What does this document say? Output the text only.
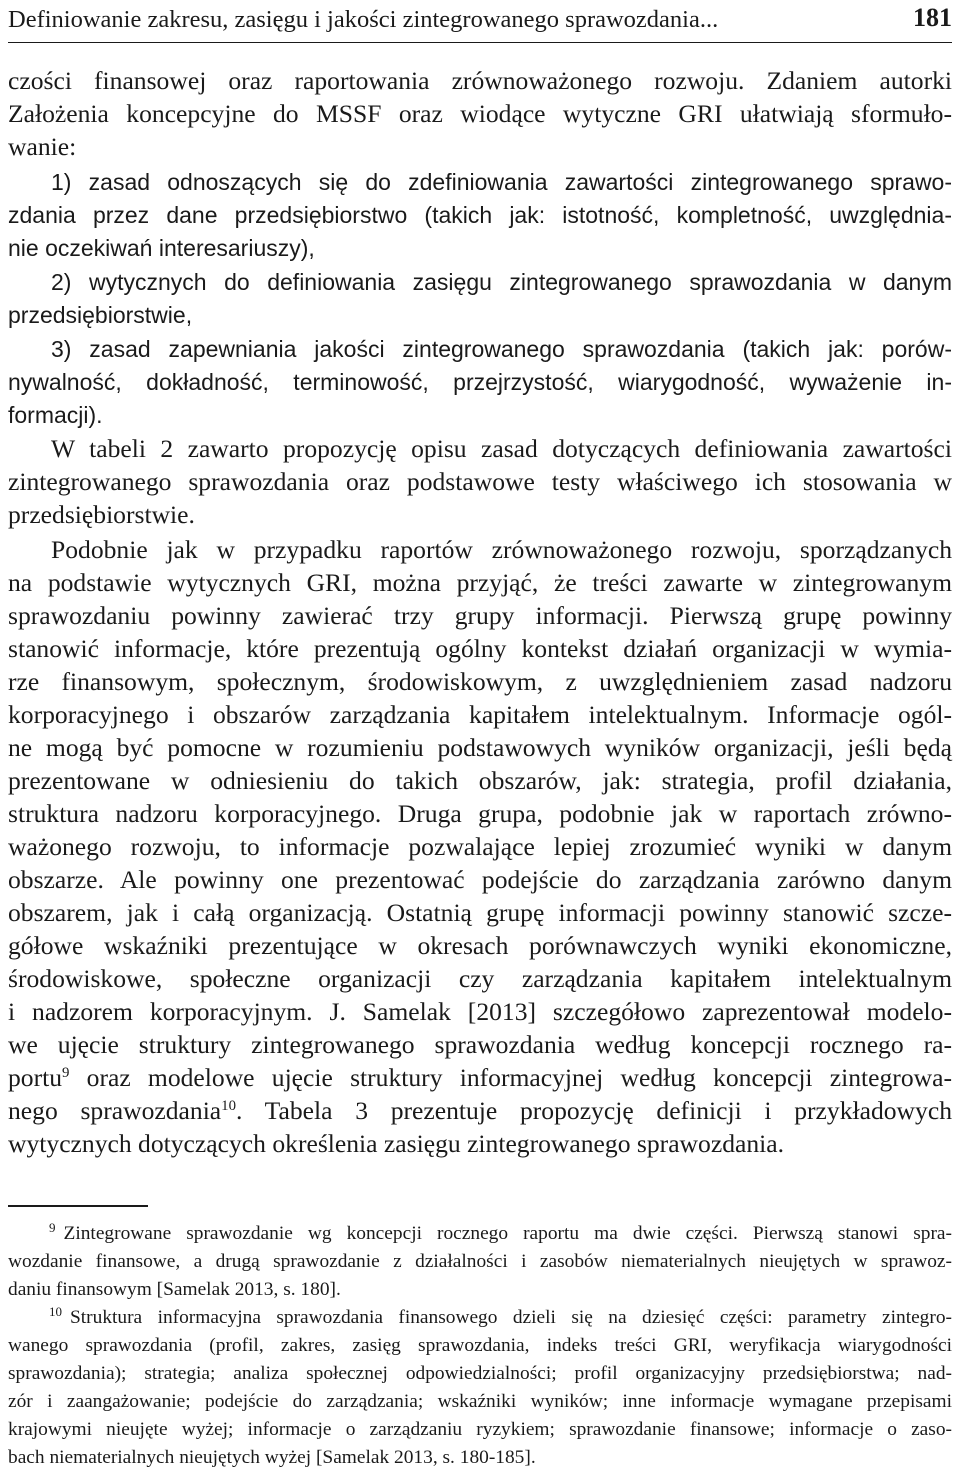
Definiowanie zakresu, zasięgu i jakości zintegrowanego sprawozdania...	181
czości finansowej oraz raportowania zrównoważonego rozwoju. Zdaniem autorki
Założenia koncepcyjne do MSSF oraz wiodące wytyczne GRI ułatwiają sformuło-
wanie:
1) zasad odnoszących się do zdefiniowania zawartości zintegrowanego sprawo-
zdania przez dane przedsiębiorstwo (takich jak: istotność, kompletność, uwzględnia-
nie oczekiwań interesariuszy),
2) wytycznych do definiowania zasięgu zintegrowanego sprawozdania w danym
przedsiębiorstwie,
3) zasad zapewniania jakości zintegrowanego sprawozdania (takich jak: porów-
nywalność, dokładność, terminowość, przejrzystość, wiarygodność, wyważenie in-
formacji).
W tabeli 2 zawarto propozycję opisu zasad dotyczących definiowania zawartości
zintegrowanego sprawozdania oraz podstawowe testy właściwego ich stosowania w
przedsiębiorstwie.
Podobnie jak w przypadku raportów zrównoważonego rozwoju, sporządzanych
na podstawie wytycznych GRI, można przyjąć, że treści zawarte w zintegrowanym
sprawozdaniu powinny zawierać trzy grupy informacji. Pierwszą grupę powinny
stanowić informacje, które prezentują ogólny kontekst działań organizacji w wymia-
rze finansowym, społecznym, środowiskowym, z uwzględnieniem zasad nadzoru
korporacyjnego i obszarów zarządzania kapitałem intelektualnym. Informacje ogól-
ne mogą być pomocne w rozumieniu podstawowych wyników organizacji, jeśli będą
prezentowane w odniesieniu do takich obszarów, jak: strategia, profil działania,
struktura nadzoru korporacyjnego. Druga grupa, podobnie jak w raportach zrówno-
ważonego rozwoju, to informacje pozwalające lepiej zrozumieć wyniki w danym
obszarze. Ale powinny one prezentować podejście do zarządzania zarówno danym
obszarem, jak i całą organizacją. Ostatnią grupę informacji powinny stanowić szcze-
gółowe wskaźniki prezentujące w okresach porównawczych wyniki ekonomiczne,
środowiskowe, społeczne organizacji czy zarządzania kapitałem intelektualnym
i nadzorem korporacyjnym. J. Samelak [2013] szczegółowo zaprezentował modelo-
we ujęcie struktury zintegrowanego sprawozdania według koncepcji rocznego ra-
portu$^9$ oraz modelowe ujęcie struktury informacyjnej według koncepcji zintegrowa-
nego sprawozdania$^{10}$. Tabela 3 prezentuje propozycję definicji i przykładowych
wytycznych dotyczących określenia zasięgu zintegrowanego sprawozdania.
$^9$ Zintegrowane sprawozdanie wg koncepcji rocznego raportu ma dwie części. Pierwszą stanowi spra-
wozdanie finansowe, a drugą sprawozdanie z działalności i zasobów niematerialnych nieujętych w sprawoz-
daniu finansowym [Samelak 2013, s. 180].
$^{10}$ Struktura informacyjna sprawozdania finansowego dzieli się na dziesięć części: parametry zintegro-
wanego sprawozdania (profil, zakres, zasięg sprawozdania, indeks treści GRI, weryfikacja wiarygodności
sprawozdania); strategia; analiza społecznej odpowiedzialności; profil organizacyjny przedsiębiorstwa; nad-
zór i zaangażowanie; podejście do zarządzania; wskaźniki wyników; inne informacje wymagane przepisami
krajowymi nieujęte wyżej; informacje o zarządzaniu ryzykiem; sprawozdanie finansowe; informacje o zaso-
bach niematerialnych nieujętych wyżej [Samelak 2013, s. 180-185].
